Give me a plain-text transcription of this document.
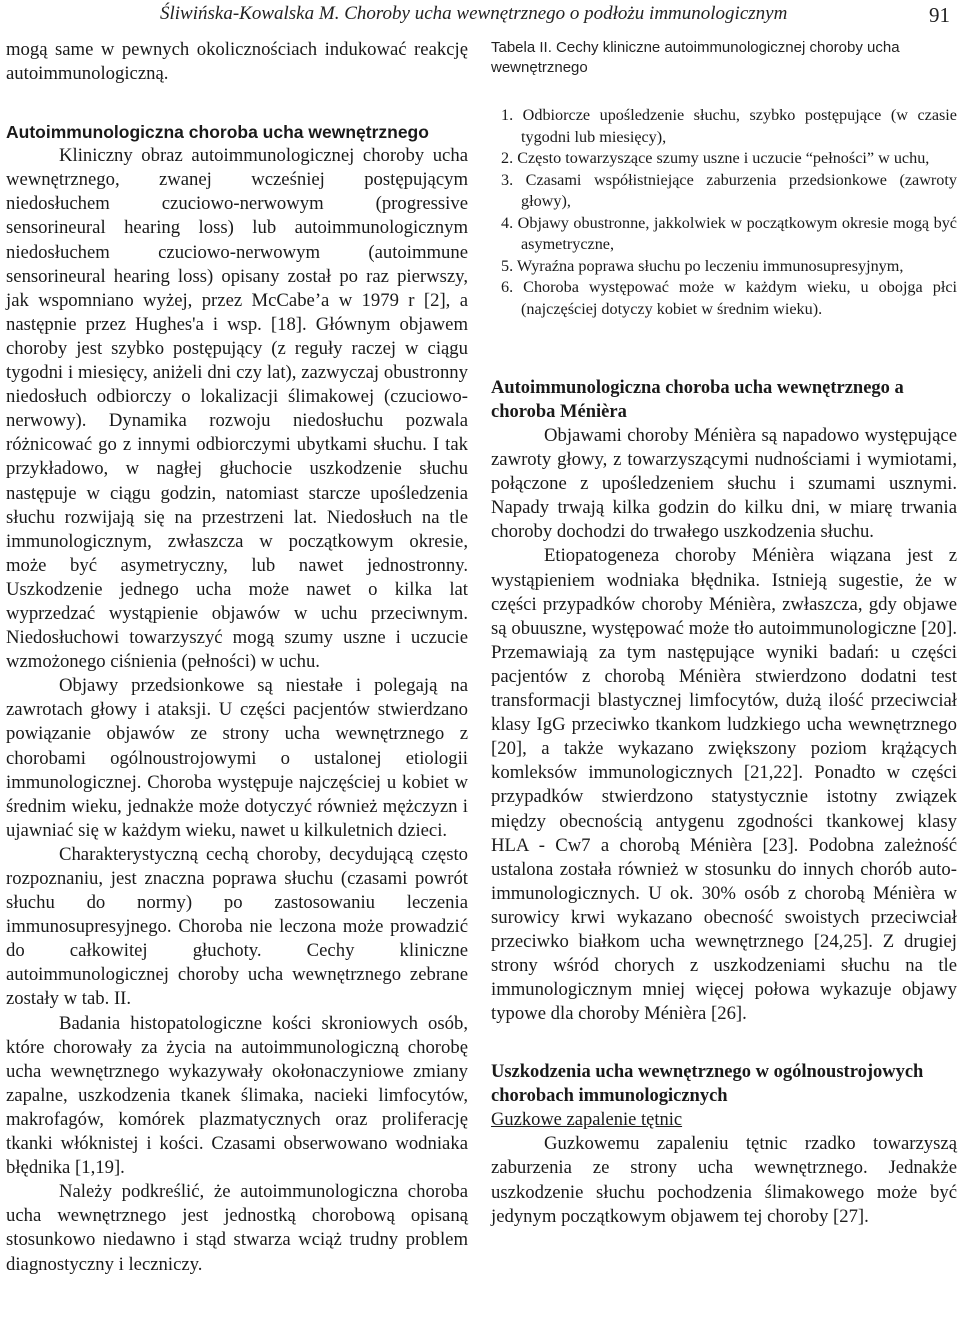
Śliwińska-Kowalska M. Choroby ucha wewnętrznego o podłożu immunologicznym	91

mogą same w pewnych okolicznościach indukować reakcję autoimmunologiczną.

Autoimmunologiczna choroba ucha wewnętrznego

Kliniczny obraz autoimmunologicznej choroby ucha wewnętrznego, zwanej wcześniej postępującym niedosłuchem czuciowo-nerwowym (progressive sensorineural hearing loss) lub autoimmunologicznym niedosłuchem czuciowo-nerwowym (autoimmune sensorineural hearing loss) opisany został po raz pierwszy, jak wspomniano wyżej, przez McCabe’a w 1979 r [2], a następnie przez Hughes'a i wsp. [18]. Głównym objawem choroby jest szybko postępujący (z reguły raczej w ciągu tygodni i miesięcy, aniżeli dni czy lat), zazwyczaj obustronny niedosłuch odbiorczy o lokalizacji ślimakowej (czuciowo-nerwowy). Dynamika rozwoju niedosłuchu pozwala różnicować go z innymi odbiorczymi ubytkami słuchu. I tak przykładowo, w nagłej głuchocie uszkodzenie słuchu następuje w ciągu godzin, natomiast starcze upośledzenia słuchu rozwijają się na przestrzeni lat. Niedosłuch na tle immunologicznym, zwłaszcza w początkowym okresie, może być asymetryczny, lub nawet jednostronny. Uszkodzenie jednego ucha może nawet o kilka lat wyprzedzać wystąpienie objawów w uchu przeciwnym. Niedosłuchowi towarzyszyć mogą szumy uszne i uczucie wzmożonego ciśnienia (pełności) w uchu.

Objawy przedsionkowe są niestałe i polegają na zawrotach głowy i ataksji. U części pacjentów stwierdzano powiązanie objawów ze strony ucha wewnętrznego z chorobami ogólnoustrojowymi o ustalonej etiologii immunologicznej. Choroba występuje najczęściej u kobiet w średnim wieku, jednakże może dotyczyć również mężczyzn i ujawniać się w każdym wieku, nawet u kilkuletnich dzieci.

Charakterystyczną cechą choroby, decydującą często rozpoznaniu, jest znaczna poprawa słuchu (czasami powrót słuchu do normy) po zastosowaniu leczenia immunosupresyjnego. Choroba nie leczona może prowadzić do całkowitej głuchoty. Cechy kliniczne autoimmunologicznej choroby ucha wewnętrznego zebrane zostały w tab. II.

Badania histopatologiczne kości skroniowych osób, które chorowały za życia na autoimmunologiczną chorobę ucha wewnętrznego wykazywały okołonaczyniowe zmiany zapalne, uszkodzenia tkanek ślimaka, nacieki limfocytów, makrofagów, komórek plazmatycznych oraz proliferację tkanki włóknistej i kości. Czasami obserwowano wodniaka błędnika [1,19].

Należy podkreślić, że autoimmunologiczna choroba ucha wewnętrznego jest jednostką chorobową opisaną stosunkowo niedawno i stąd stwarza wciąż trudny problem diagnostyczny i leczniczy.

Tabela II. Cechy kliniczne autoimmunologicznej choroby ucha wewnętrznego
1. Odbiorcze upośledzenie słuchu, szybko postępujące (w czasie tygodni lub miesięcy),
2. Często towarzyszące szumy uszne i uczucie “pełności” w uchu,
3. Czasami współistniejące zaburzenia przedsionkowe (zawroty głowy),
4. Objawy obustronne, jakkolwiek w początkowym okresie mogą być asymetryczne,
5. Wyraźna poprawa słuchu po leczeniu immunosupresyjnym,
6. Choroba występować może w każdym wieku, u obojga płci (najczęściej dotyczy kobiet w średnim wieku).
Autoimmunologiczna choroba ucha wewnętrznego a choroba Ménièra

Objawami choroby Ménièra są napadowo występujące zawroty głowy, z towarzyszącymi nudnościami i wymiotami, połączone z upośledzeniem słuchu i szumami usznymi. Napady trwają kilka godzin do kilku dni, w miarę trwania choroby dochodzi do trwałego uszkodzenia słuchu.

Etiopatogeneza choroby Ménièra wiązana jest z wystąpieniem wodniaka błędnika. Istnieją sugestie, że w części przypadków choroby Ménièra, zwłaszcza, gdy objawe są obuuszne, występować może tło autoimmunologiczne [20]. Przemawiają za tym następujące wyniki badań: u części pacjentów z chorobą Ménièra stwierdzono dodatni test transformacji blastycznej limfocytów, dużą ilość przeciwciał klasy IgG przeciwko tkankom ludzkiego ucha wewnętrznego [20], a także wykazano zwiększony poziom krążących komleksów immunologicznych [21,22]. Ponadto w części przypadków stwierdzono statystycznie istotny związek między obecnością antygenu zgodności tkankowej klasy HLA - Cw7 a chorobą Ménièra [23]. Podobna zależność ustalona została również w stosunku do innych chorób auto-immunologicznych. U ok. 30% osób z chorobą Ménièra w surowicy krwi wykazano obecność swoistych przeciwciał przeciwko białkom ucha wewnętrznego [24,25]. Z drugiej strony wśród chorych z uszkodzeniami słuchu na tle immunologicznym mniej więcej połowa wykazuje objawy typowe dla choroby Ménièra [26].

Uszkodzenia ucha wewnętrznego w ogólnoustrojowych chorobach immunologicznych

Guzkowe zapalenie tętnic

Guzkowemu zapaleniu tętnic rzadko towarzyszą zaburzenia ze strony ucha wewnętrznego. Jednakże uszkodzenie słuchu pochodzenia ślimakowego może być jedynym początkowym objawem tej choroby [27].
